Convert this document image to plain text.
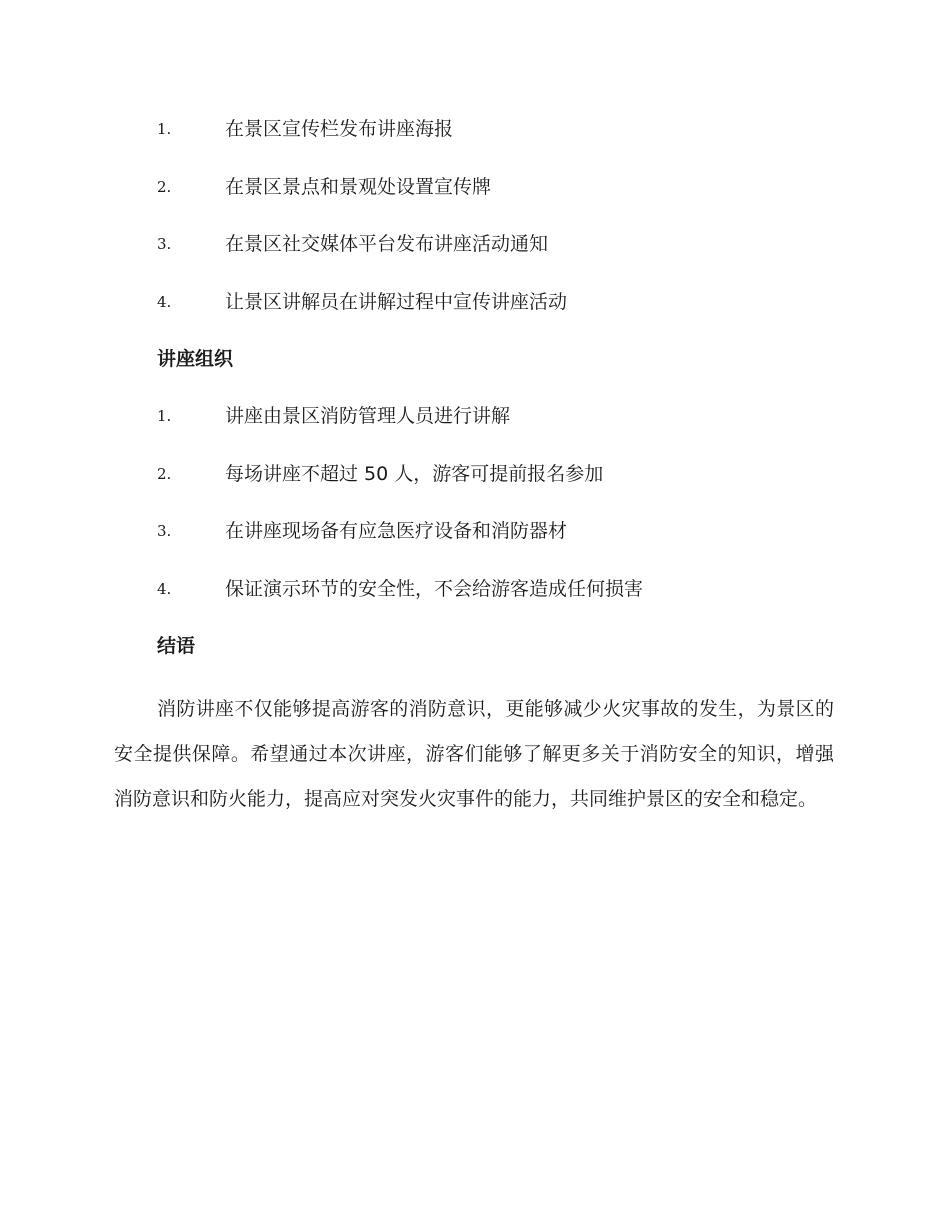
1.	在景区宣传栏发布讲座海报
2.	在景区景点和景观处设置宣传牌
3.	在景区社交媒体平台发布讲座活动通知
4.	让景区讲解员在讲解过程中宣传讲座活动
讲座组织
1.	讲座由景区消防管理人员进行讲解
2.	每场讲座不超过 50 人，游客可提前报名参加
3.	在讲座现场备有应急医疗设备和消防器材
4.	保证演示环节的安全性，不会给游客造成任何损害
结语

消防讲座不仅能够提高游客的消防意识，更能够减少火灾事故的发生，为景区的安全提供保障。希望通过本次讲座，游客们能够了解更多关于消防安全的知识，增强消防意识和防火能力，提高应对突发火灾事件的能力，共同维护景区的安全和稳定。
